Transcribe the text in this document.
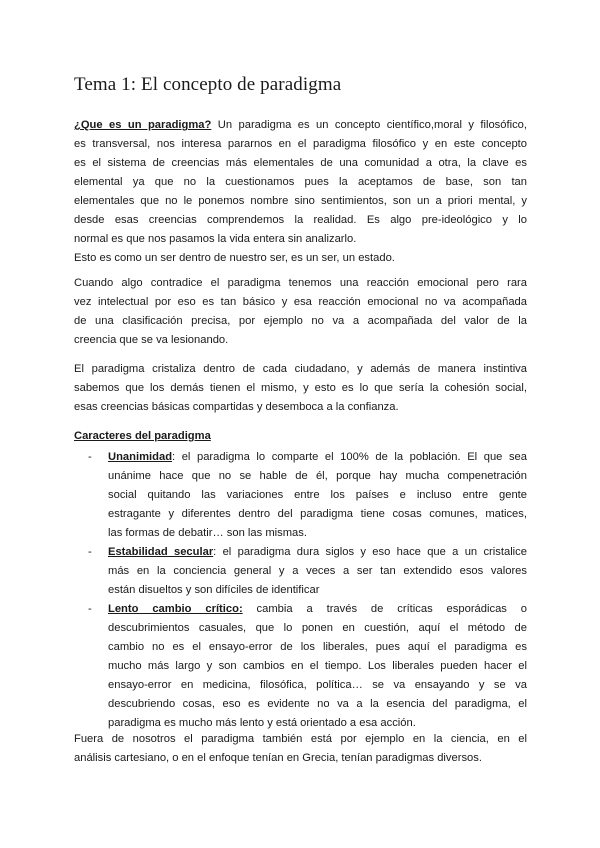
Tema 1: El concepto de paradigma
¿Que es un paradigma? Un paradigma es un concepto científico,moral y filosófico,
es transversal, nos interesa pararnos en el paradigma filosófico y en este concepto
es el sistema de creencias más elementales de una comunidad a otra, la clave es
elemental ya que no la cuestionamos pues la aceptamos de base, son tan
elementales que no le ponemos nombre sino sentimientos, son un a priori mental, y
desde esas creencias comprendemos la realidad. Es algo pre-ideológico y lo
normal es que nos pasamos la vida entera sin analizarlo.
Esto es como un ser dentro de nuestro ser, es un ser, un estado.
Cuando algo contradice el paradigma tenemos una reacción emocional pero rara
vez intelectual por eso es tan básico y esa reacción emocional no va acompañada
de una clasificación precisa, por ejemplo no va a acompañada del valor de la
creencia que se va lesionando.
El paradigma cristaliza dentro de cada ciudadano, y además de manera instintiva
sabemos que los demás tienen el mismo, y esto es lo que sería la cohesión social,
esas creencias básicas compartidas y desemboca a la confianza.
Caracteres del paradigma
- Unanimidad: el paradigma lo comparte el 100% de la población. El que sea
unánime hace que no se hable de él, porque hay mucha compenetración
social quitando las variaciones entre los países e incluso entre gente
estragante y diferentes dentro del paradigma tiene cosas comunes, matices,
las formas de debatir… son las mismas.
- Estabilidad secular: el paradigma dura siglos y eso hace que a un cristalice
más en la conciencia general y a veces a ser tan extendido esos valores
están disueltos y son difíciles de identificar
- Lento cambio crítico: cambia a través de críticas esporádicas o
descubrimientos casuales, que lo ponen en cuestión, aquí el método de
cambio no es el ensayo-error de los liberales, pues aquí el paradigma es
mucho más largo y son cambios en el tiempo. Los liberales pueden hacer el
ensayo-error en medicina, filosófica, política… se va ensayando y se va
descubriendo cosas, eso es evidente no va a la esencia del paradigma, el
paradigma es mucho más lento y está orientado a esa acción.
Fuera de nosotros el paradigma también está por ejemplo en la ciencia, en el
análisis cartesiano, o en el enfoque tenían en Grecia, tenían paradigmas diversos.
